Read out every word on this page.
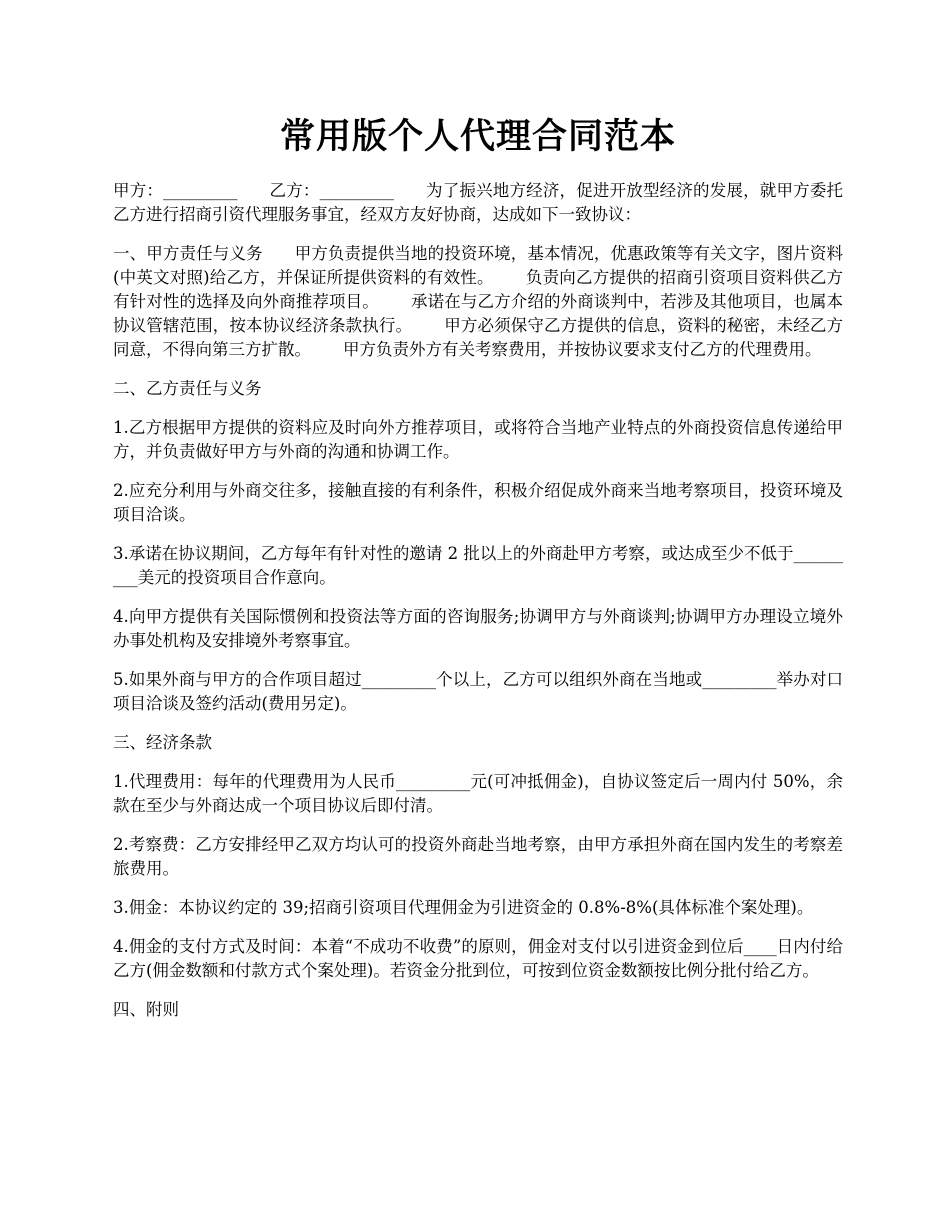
常用版个人代理合同范本

甲方：_________ 乙方：_________ 为了振兴地方经济，促进开放型经济的发展，就甲方委托乙方进行招商引资代理服务事宜，经双方友好协商，达成如下一致协议：

一、甲方责任与义务 甲方负责提供当地的投资环境，基本情况，优惠政策等有关文字，图片资料(中英文对照)给乙方，并保证所提供资料的有效性。 负责向乙方提供的招商引资项目资料供乙方有针对性的选择及向外商推荐项目。 承诺在与乙方介绍的外商谈判中，若涉及其他项目，也属本协议管辖范围，按本协议经济条款执行。 甲方必须保守乙方提供的信息，资料的秘密，未经乙方同意，不得向第三方扩散。 甲方负责外方有关考察费用，并按协议要求支付乙方的代理费用。

二、乙方责任与义务

1.乙方根据甲方提供的资料应及时向外方推荐项目，或将符合当地产业特点的外商投资信息传递给甲方，并负责做好甲方与外商的沟通和协调工作。

2.应充分利用与外商交往多，接触直接的有利条件，积极介绍促成外商来当地考察项目，投资环境及项目洽谈。

3.承诺在协议期间，乙方每年有针对性的邀请 2 批以上的外商赴甲方考察，或达成至少不低于_________美元的投资项目合作意向。

4.向甲方提供有关国际惯例和投资法等方面的咨询服务;协调甲方与外商谈判;协调甲方办理设立境外办事处机构及安排境外考察事宜。

5.如果外商与甲方的合作项目超过_________个以上，乙方可以组织外商在当地或_________举办对口项目洽谈及签约活动(费用另定)。

三、经济条款

1.代理费用：每年的代理费用为人民币_________元(可冲抵佣金)，自协议签定后一周内付 50%，余款在至少与外商达成一个项目协议后即付清。

2.考察费：乙方安排经甲乙双方均认可的投资外商赴当地考察，由甲方承担外商在国内发生的考察差旅费用。

3.佣金：本协议约定的 39;招商引资项目代理佣金为引进资金的 0.8%-8%(具体标准个案处理)。

4.佣金的支付方式及时间：本着“不成功不收费”的原则，佣金对支付以引进资金到位后____日内付给乙方(佣金数额和付款方式个案处理)。若资金分批到位，可按到位资金数额按比例分批付给乙方。

四、附则
